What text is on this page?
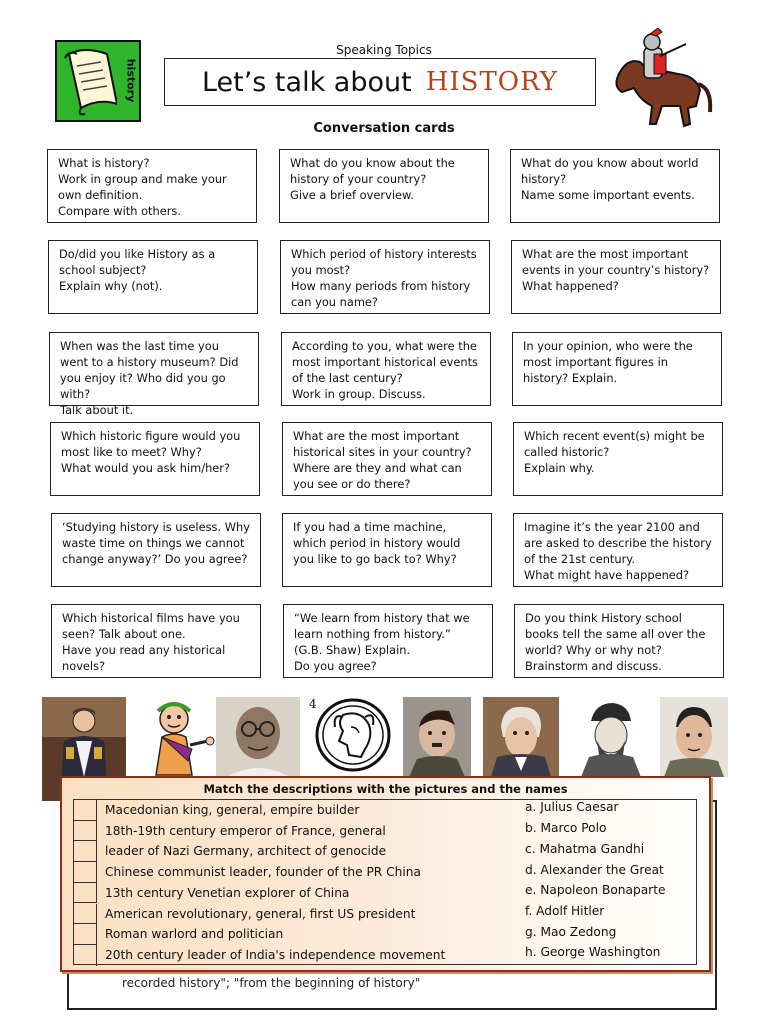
history
Speaking Topics
Let’s talk about HISTORY
Conversation cards
What is history?
Work in group and make your own definition.
Compare with others.
What do you know about the history of your country?
Give a brief overview.
What do you know about world history?
Name some important events.
Do/did you like History as a school subject?
Explain why (not).
Which period of history interests you most?
How many periods from history can you name?
What are the most important events in your country’s history?
What happened?
When was the last time you went to a history museum? Did you enjoy it? Who did you go with?
Talk about it.
According to you, what were the most important historical events of the last century?
Work in group. Discuss.
In your opinion, who were the most important figures in history? Explain.
Which historic figure would you most like to meet? Why?
What would you ask him/her?
What are the most important historical sites in your country?
Where are they and what can you see or do there?
Which recent event(s) might be called historic?
Explain why.
‘Studying history is useless. Why waste time on things we cannot change anyway?’ Do you agree?
If you had a time machine, which period in history would you like to go back to? Why?
Imagine it’s the year 2100 and are asked to describe the history of the 21st century.
What might have happened?
Which historical films have you seen? Talk about one.
Have you read any historical novels?
“We learn from history that we learn nothing from history.” (G.B. Shaw) Explain.
Do you agree?
Do you think History school books tell the same all over the world? Why or why not?
Brainstorm and discuss.
recorded history"; "from the beginning of history"
4
Match the descriptions with the pictures and the names
Macedonian king, general, empire builder
18th-19th century emperor of France, general
leader of Nazi Germany, architect of genocide
Chinese communist leader, founder of the PR China
13th century Venetian explorer of China
American revolutionary, general, first US president
Roman warlord and politician
20th century leader of India's independence movement
a. Julius Caesar
b. Marco Polo
c. Mahatma Gandhi
d. Alexander the Great
e. Napoleon Bonaparte
f. Adolf Hitler
g. Mao Zedong
h. George Washington
